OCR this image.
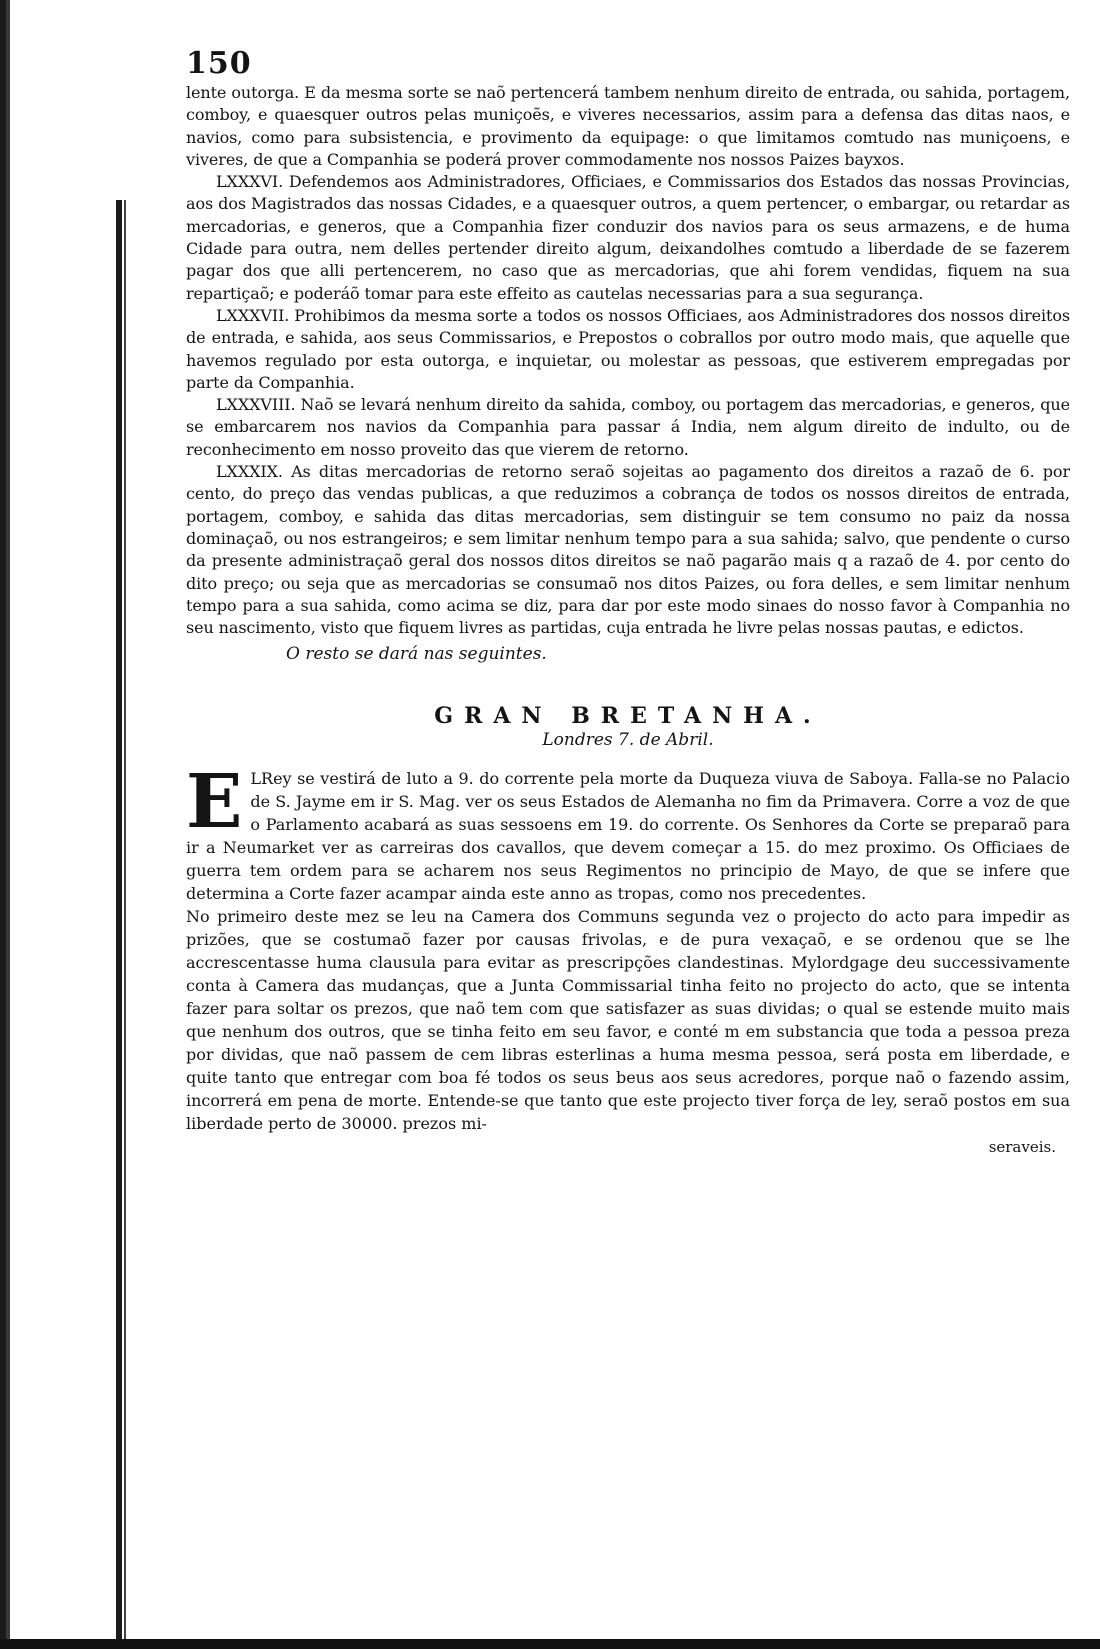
150

lente outorga. E da mesma sorte se naõ pertencerá tambem nenhum direito de entrada, ou sahida, portagem, comboy, e quaesquer outros pelas muniçoẽs, e viveres necessarios, assim para a defensa das ditas naos, e navios, como para subsistencia, e provimento da equipage: o que limitamos comtudo nas muniçoens, e viveres, de que a Companhia se poderá prover commodamente nos nossos Paizes bayxos.

LXXXVI. Defendemos aos Administradores, Officiaes, e Commissarios dos Estados das nossas Provincias, aos dos Magistrados das nossas Cidades, e a quaesquer outros, a quem pertencer, o embargar, ou retardar as mercadorias, e generos, que a Companhia fizer conduzir dos navios para os seus armazens, e de huma Cidade para outra, nem delles pertender direito algum, deixandolhes comtudo a liberdade de se fazerem pagar dos que alli pertencerem, no caso que as mercadorias, que ahi forem vendidas, fiquem na sua repartiçaõ; e poderáõ tomar para este effeito as cautelas necessarias para a sua segurança.

LXXXVII. Prohibimos da mesma sorte a todos os nossos Officiaes, aos Administradores dos nossos direitos de entrada, e sahida, aos seus Commissarios, e Prepostos o cobrallos por outro modo mais, que aquelle que havemos regulado por esta outorga, e inquietar, ou molestar as pessoas, que estiverem empregadas por parte da Companhia.

LXXXVIII. Naõ se levará nenhum direito da sahida, comboy, ou portagem das mercadorias, e generos, que se embarcarem nos navios da Companhia para passar á India, nem algum direito de indulto, ou de reconhecimento em nosso proveito das que vierem de retorno.

LXXXIX. As ditas mercadorias de retorno seraõ sojeitas ao pagamento dos direitos a razaõ de 6. por cento, do preço das vendas publicas, a que reduzimos a cobrança de todos os nossos direitos de entrada, portagem, comboy, e sahida das ditas mercadorias, sem distinguir se tem consumo no paiz da nossa dominaçaõ, ou nos estrangeiros; e sem limitar nenhum tempo para a sua sahida; salvo, que pendente o curso da presente administraçaõ geral dos nossos ditos direitos se naõ pagarão mais q a razaõ de 4. por cento do dito preço; ou seja que as mercadorias se consumaõ nos ditos Paizes, ou fora delles, e sem limitar nenhum tempo para a sua sahida, como acima se diz, para dar por este modo sinaes do nosso favor à Companhia no seu nascimento, visto que fiquem livres as partidas, cuja entrada he livre pelas nossas pautas, e edictos.

O resto se dará nas seguintes.
GRAN BRETANHA.
Londres 7. de Abril.
E LRey se vestirá de luto a 9. do corrente pela morte da Duqueza viuva de Saboya. Falla-se no Palacio de S. Jayme em ir S. Mag. ver os seus Estados de Alemanha no fim da Primavera. Corre a voz de que o Parlamento acabará as suas sessoens em 19. do corrente. Os Senhores da Corte se preparaõ para ir a Neumarket ver as carreiras dos cavallos, que devem começar a 15. do mez proximo. Os Officiaes de guerra tem ordem para se acharem nos seus Regimentos no principio de Mayo, de que se infere que determina a Corte fazer acampar ainda este anno as tropas, como nos precedentes.

No primeiro deste mez se leu na Camera dos Communs segunda vez o projecto do acto para impedir as prizões, que se costumaõ fazer por causas frivolas, e de pura vexaçaõ, e se ordenou que se lhe accrescentasse huma clausula para evitar as prescripções clandestinas. Mylordgage deu successivamente conta à Camera das mudanças, que a Junta Commissarial tinha feito no projecto do acto, que se intenta fazer para soltar os prezos, que naõ tem com que satisfazer as suas dividas; o qual se estende muito mais que nenhum dos outros, que se tinha feito em seu favor, e conté m em substancia que toda a pessoa preza por dividas, que naõ passem de cem libras esterlinas a huma mesma pessoa, será posta em liberdade, e quite tanto que entregar com boa fé todos os seus beus aos seus acredores, porque naõ o fazendo assim, incorrerá em pena de morte. Entende-se que tanto que este projecto tiver força de ley, seraõ postos em sua liberdade perto de 30000. prezos mi-

seraveis.
